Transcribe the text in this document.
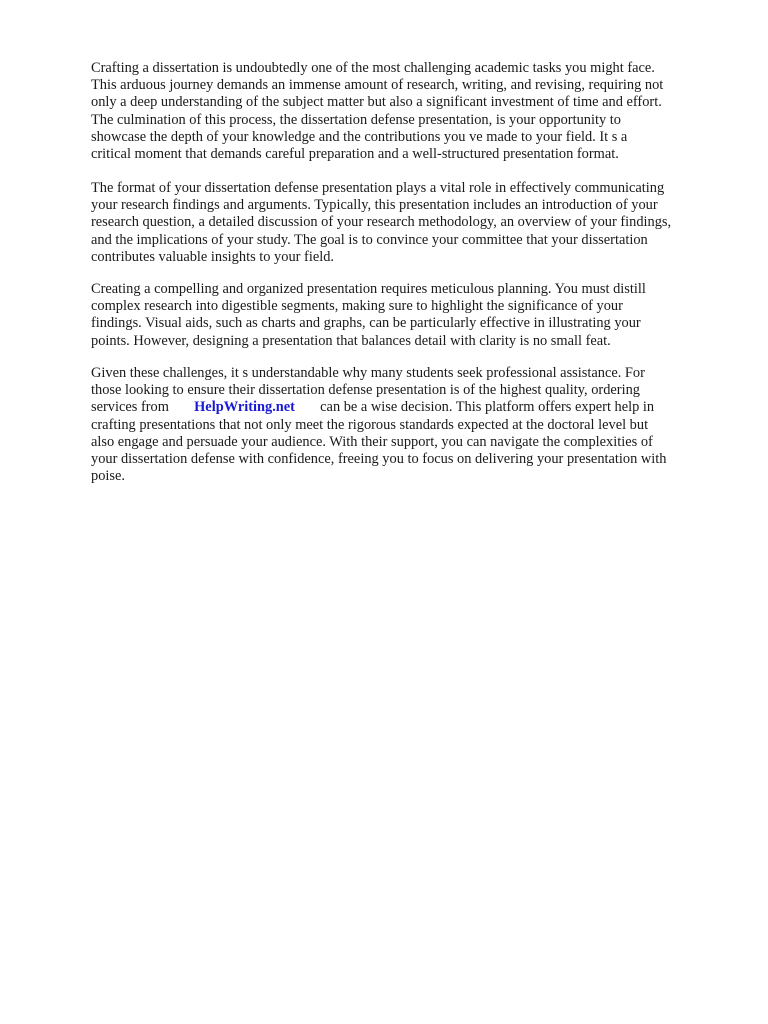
Crafting a dissertation is undoubtedly one of the most challenging academic tasks you might face.
This arduous journey demands an immense amount of research, writing, and revising, requiring not
only a deep understanding of the subject matter but also a significant investment of time and effort.
The culmination of this process, the dissertation defense presentation, is your opportunity to
showcase the depth of your knowledge and the contributions you ve made to your field. It s a
critical moment that demands careful preparation and a well-structured presentation format.

The format of your dissertation defense presentation plays a vital role in effectively communicating
your research findings and arguments. Typically, this presentation includes an introduction of your
research question, a detailed discussion of your research methodology, an overview of your findings,
and the implications of your study. The goal is to convince your committee that your dissertation
contributes valuable insights to your field.

Creating a compelling and organized presentation requires meticulous planning. You must distill
complex research into digestible segments, making sure to highlight the significance of your
findings. Visual aids, such as charts and graphs, can be particularly effective in illustrating your
points. However, designing a presentation that balances detail with clarity is no small feat.

Given these challenges, it s understandable why many students seek professional assistance. For
those looking to ensure their dissertation defense presentation is of the highest quality, ordering
services from       HelpWriting.net       can be a wise decision. This platform offers expert help in
crafting presentations that not only meet the rigorous standards expected at the doctoral level but
also engage and persuade your audience. With their support, you can navigate the complexities of
your dissertation defense with confidence, freeing you to focus on delivering your presentation with
poise.
